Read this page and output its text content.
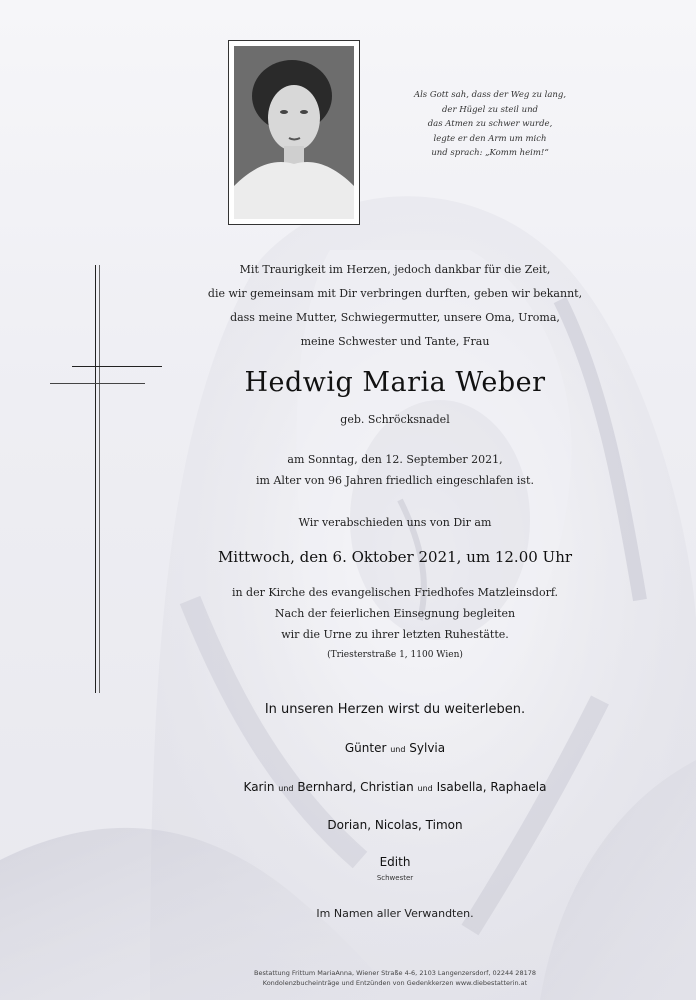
Als Gott sah, dass der Weg zu lang,
der Hügel zu steil und
das Atmen zu schwer wurde,
legte er den Arm um mich
und sprach: „Komm heim!“
Mit Traurigkeit im Herzen, jedoch dankbar für die Zeit,
die wir gemeinsam mit Dir verbringen durften, geben wir bekannt,
dass meine Mutter, Schwiegermutter, unsere Oma, Uroma,
meine Schwester und Tante, Frau
Hedwig Maria Weber
geb. Schröcksnadel
am Sonntag, den 12. September 2021,
im Alter von 96 Jahren friedlich eingeschlafen ist.
Wir verabschieden uns von Dir am
Mittwoch, den 6. Oktober 2021, um 12.00 Uhr
in der Kirche des evangelischen Friedhofes Matzleinsdorf.
Nach der feierlichen Einsegnung begleiten
wir die Urne zu ihrer letzten Ruhestätte.
(Triesterstraße 1, 1100 Wien)
In unseren Herzen wirst du weiterleben.
Günter und Sylvia
Karin und Bernhard, Christian und Isabella, Raphaela
Dorian, Nicolas, Timon
Edith
Schwester
Im Namen aller Verwandten.
Bestattung Frittum MariaAnna, Wiener Straße 4-6, 2103 Langenzersdorf, 02244 28178
Kondolenzbucheinträge und Entzünden von Gedenkkerzen www.diebestatterin.at
